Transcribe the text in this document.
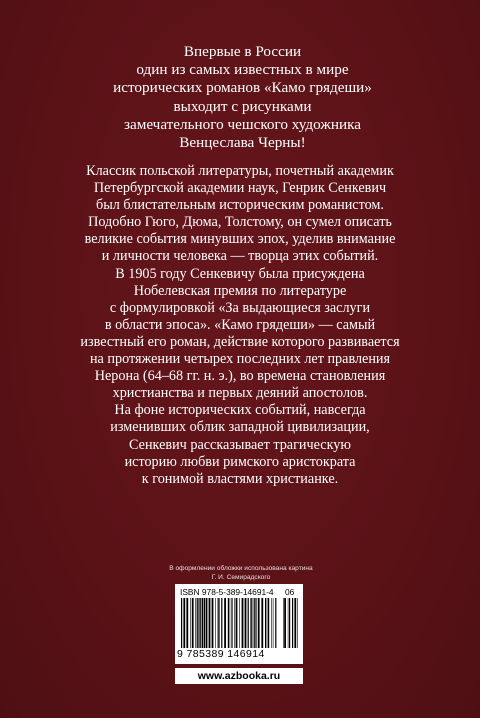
Впервые в России
один из самых известных в мире
исторических романов «Камо грядеши»
выходит с рисунками
замечательного чешского художника
Венцеслава Черны!
Классик польской литературы, почетный академик
Петербургской академии наук, Генрик Сенкевич
был блистательным историческим романистом.
Подобно Гюго, Дюма, Толстому, он сумел описать
великие события минувших эпох, уделив внимание
и личности человека — творца этих событий.
В 1905 году Сенкевичу была присуждена
Нобелевская премия по литературе
с формулировкой «За выдающиеся заслуги
в области эпоса». «Камо грядеши» — самый
известный его роман, действие которого развивается
на протяжении четырех последних лет правления
Нерона (64–68 гг. н. э.), во времена становления
христианства и первых деяний апостолов.
На фоне исторических событий, навсегда
изменивших облик западной цивилизации,
Сенкевич рассказывает трагическую
историю любви римского аристократа
к гонимой властями христианке.
В оформлении обложки использована картина
Г. И. Семирадского
ISBN 978-5-389-14691-4 06
9 785389 146914
www.azbooka.ru
